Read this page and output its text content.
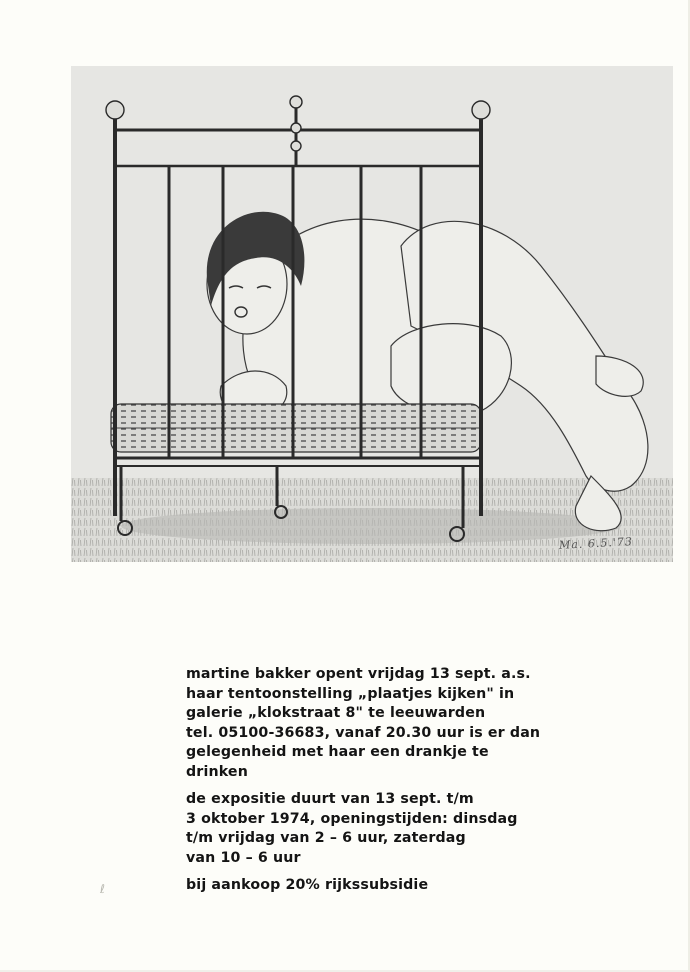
Ma. 6.5.'73

martine bakker opent vrijdag 13 sept. a.s.
haar tentoonstelling „plaatjes kijken" in
galerie „klokstraat 8" te leeuwarden
tel. 05100-36683, vanaf 20.30 uur is er dan
gelegenheid met haar een drankje te
drinken

de expositie duurt van 13 sept. t/m
3 oktober 1974, openingstijden: dinsdag
t/m vrijdag van 2 – 6 uur, zaterdag
van 10 – 6 uur

bij aankoop 20% rijkssubsidie

ℓ
